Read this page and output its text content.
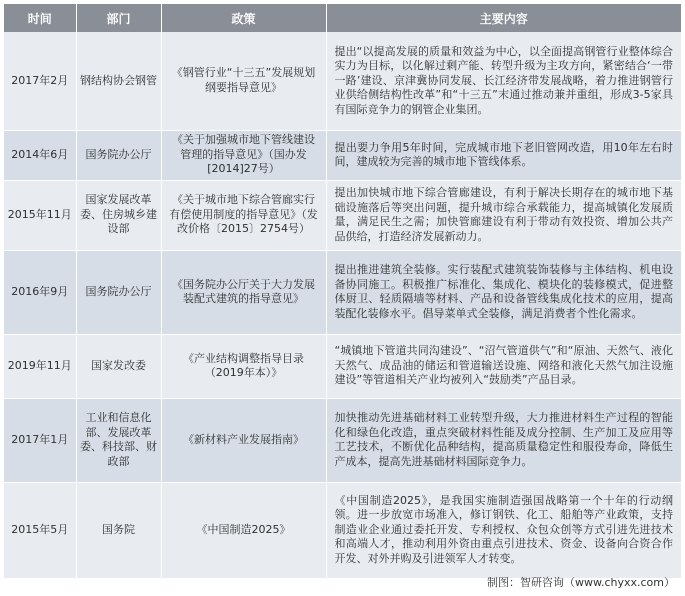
时间	部门	政策	主要内容
2017年2月	钢结构协会钢管	《钢管行业“十三五”发展规划纲要指导意见》	提出“以提高发展的质量和效益为中心，以全面提高钢管行业整体综合实力为目标，以化解过剩产能、转型升级为主攻方向，紧密结合‘一带一路’建设、京津冀协同发展、长江经济带发展战略，着力推进钢管行业供给侧结构性改革”和“十三五”末通过推动兼并重组，形成3-5家具有国际竞争力的钢管企业集团。
2014年6月	国务院办公厅	《关于加强城市地下管线建设管理的指导意见》（国办发[2014]27号）	提出要力争用5年时间，完成城市地下老旧管网改造，用10年左右时间，建成较为完善的城市地下管线体系。
2015年11月	国家发展改革委、住房城乡建设部	《关于城市地下综合管廊实行有偿使用制度的指导意见》（发改价格〔2015〕2754号）	提出加快城市地下综合管廊建设，有利于解决长期存在的城市地下基础设施落后等突出问题，提升城市综合承载能力，提高城镇化发展质量，满足民生之需；加快管廊建设有利于带动有效投资、增加公共产品供给，打造经济发展新动力。
2016年9月	国务院办公厅	《国务院办公厅关于大力发展装配式建筑的指导意见》	提出推进建筑全装修。实行装配式建筑装饰装修与主体结构、机电设备协同施工。积极推广标准化、集成化、模块化的装修模式，促进整体厨卫、轻质隔墙等材料、产品和设备管线集成化技术的应用，提高装配化装修水平。倡导菜单式全装修，满足消费者个性化需求。
2019年11月	国家发改委	《产业结构调整指导目录（2019年本）》	“城镇地下管道共同沟建设”、“沼气管道供气”和“原油、天然气、液化天然气、成品油的储运和管道输送设施、网络和液化天然气加注设施建设”等管道相关产业均被列入“鼓励类”产品目录。
2017年1月	工业和信息化部、发展改革委、科技部、财政部	《新材料产业发展指南》	加快推动先进基础材料工业转型升级，大力推进材料生产过程的智能化和绿色化改造，重点突破材料性能及成分控制、生产加工及应用等工艺技术，不断优化品种结构，提高质量稳定性和服役寿命，降低生产成本，提高先进基础材料国际竞争力。
2015年5月	国务院	《中国制造2025》	《中国制造2025》，是我国实施制造强国战略第一个十年的行动纲领。进一步放宽市场准入，修订钢铁、化工、船舶等产业政策，支持制造业企业通过委托开发、专利授权、众包众创等方式引进先进技术和高端人才，推动利用外资由重点引进技术、资金、设备向合资合作开发、对外并购及引进领军人才转变。
制图：智研咨询（www.chyxx.com）
